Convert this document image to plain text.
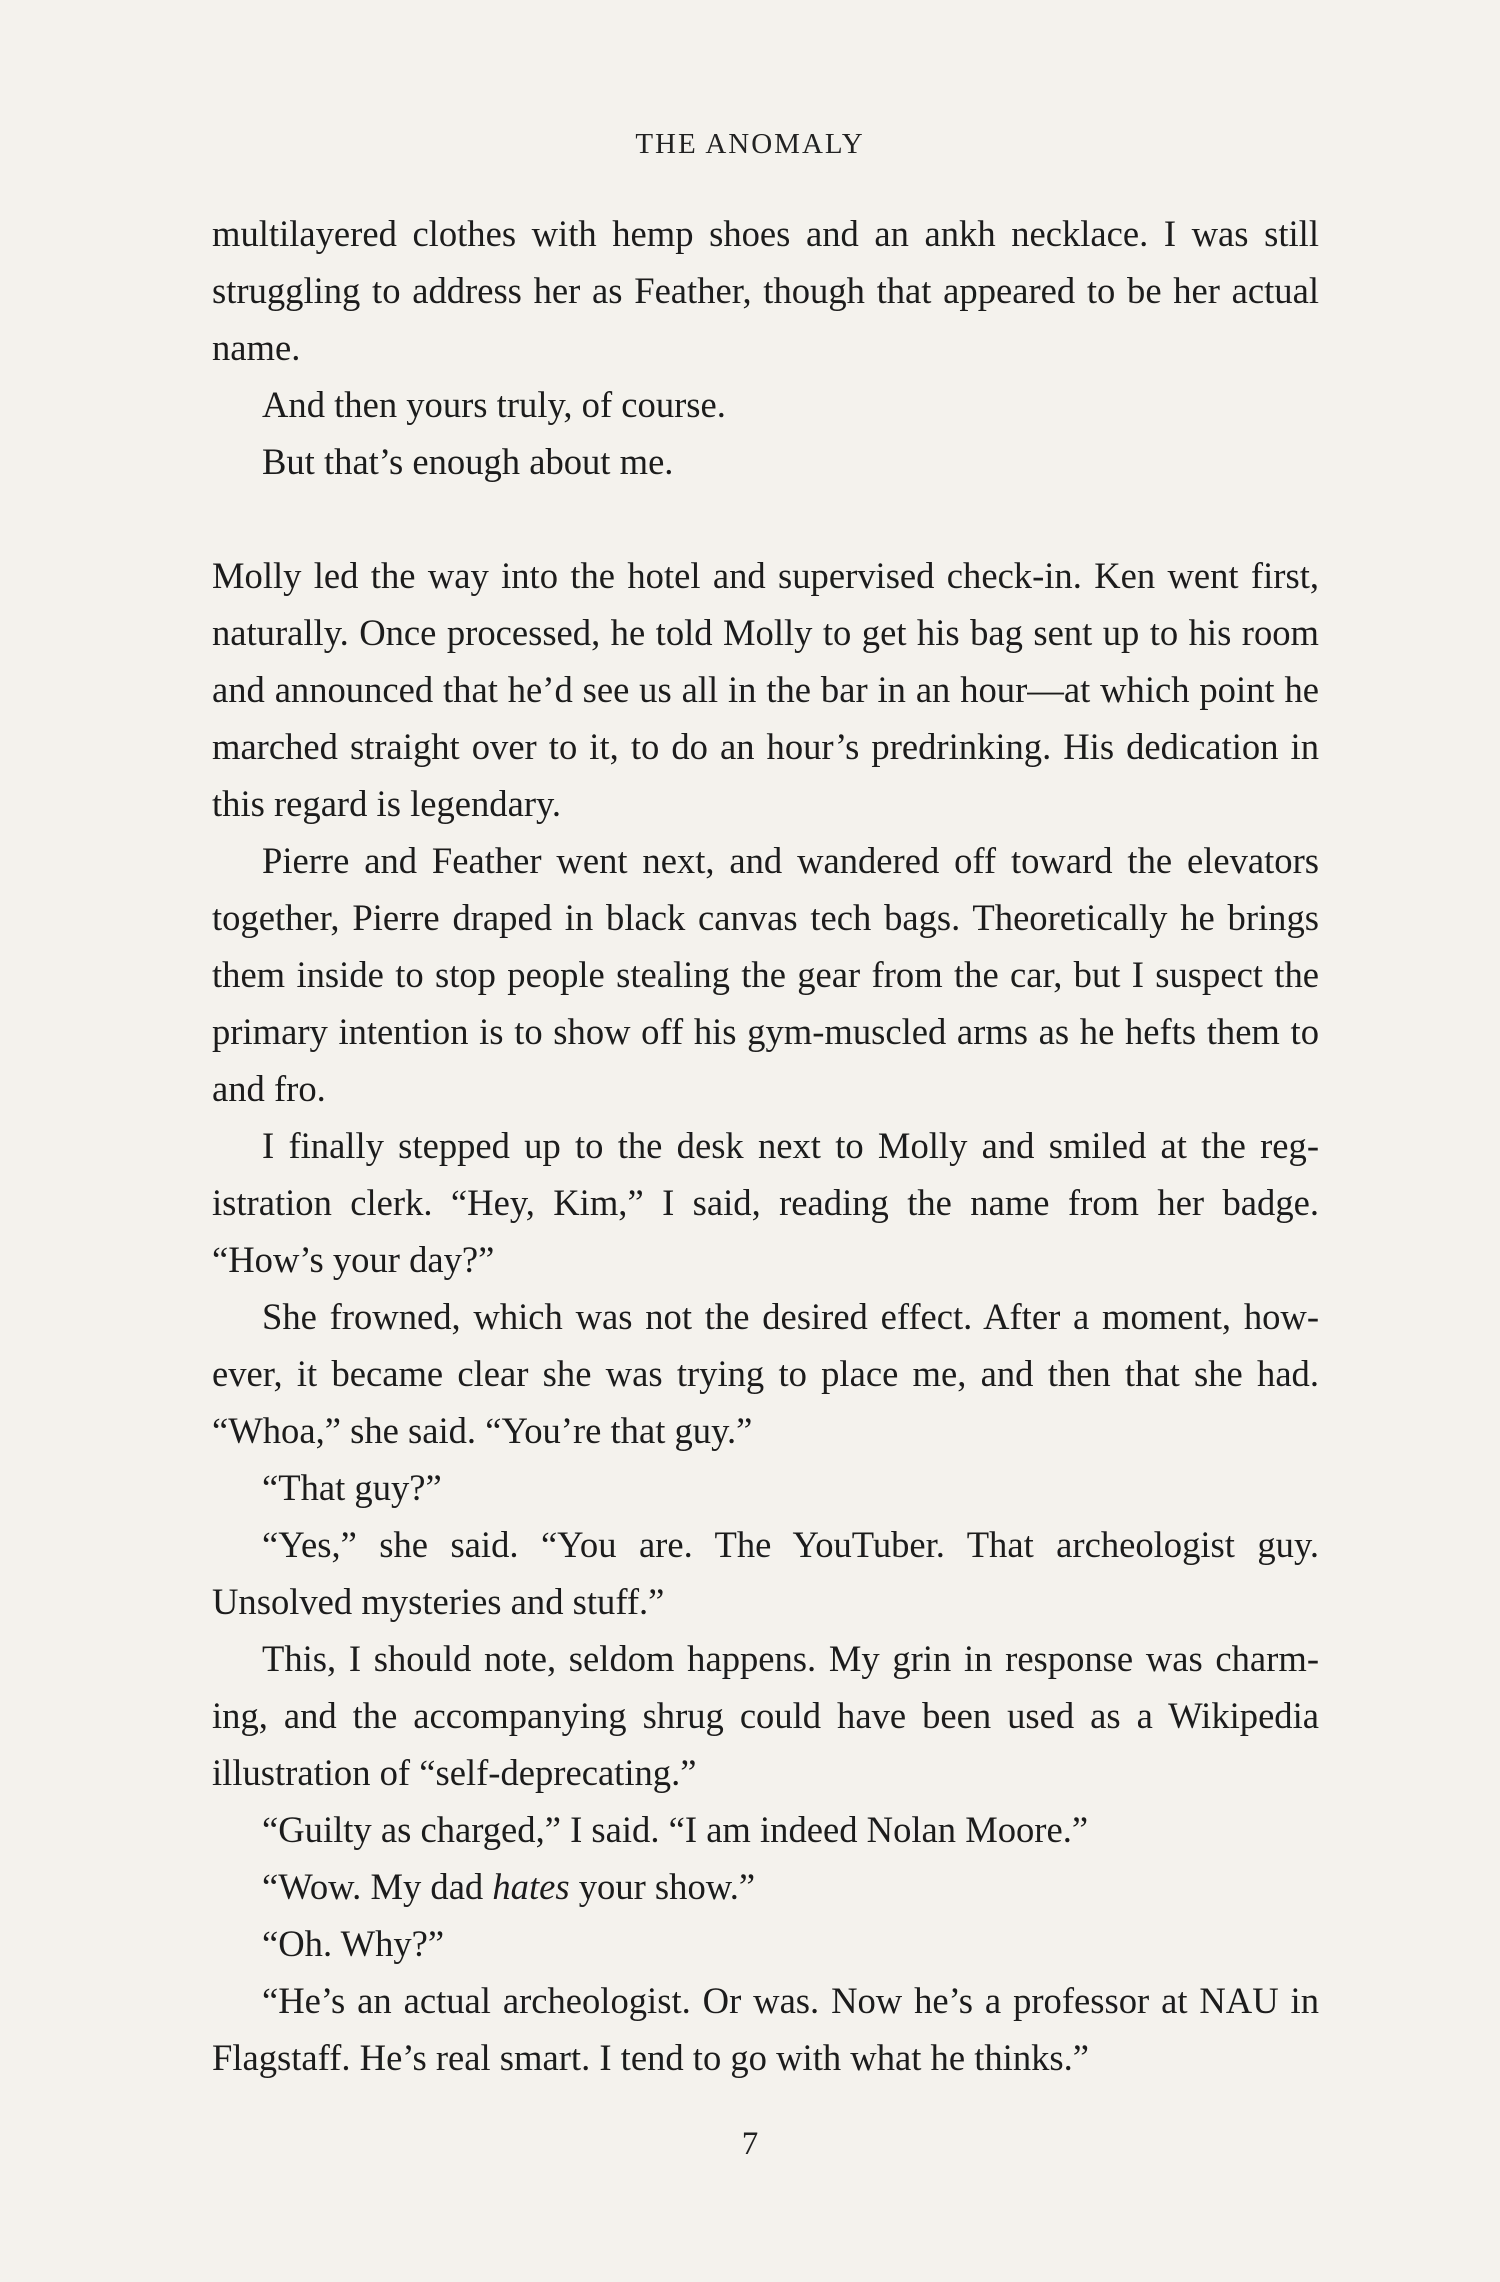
THE ANOMALY

multilayered clothes with hemp shoes and an ankh necklace. I was still struggling to address her as Feather, though that appeared to be her actual name.

And then yours truly, of course.

But that’s enough about me.

Molly led the way into the hotel and supervised check-in. Ken went first, naturally. Once processed, he told Molly to get his bag sent up to his room and announced that he’d see us all in the bar in an hour—at which point he marched straight over to it, to do an hour’s predrinking. His dedication in this regard is legendary.

Pierre and Feather went next, and wandered off toward the elevators together, Pierre draped in black canvas tech bags. Theoretically he brings them inside to stop people stealing the gear from the car, but I suspect the primary intention is to show off his gym-muscled arms as he hefts them to and fro.

I finally stepped up to the desk next to Molly and smiled at the registration clerk. “Hey, Kim,” I said, reading the name from her badge. “How’s your day?”

She frowned, which was not the desired effect. After a moment, however, it became clear she was trying to place me, and then that she had. “Whoa,” she said. “You’re that guy.”

“That guy?”

“Yes,” she said. “You are. The YouTuber. That archeologist guy. Unsolved mysteries and stuff.”

This, I should note, seldom happens. My grin in response was charming, and the accompanying shrug could have been used as a Wikipedia illustration of “self-deprecating.”

“Guilty as charged,” I said. “I am indeed Nolan Moore.”

“Wow. My dad hates your show.”

“Oh. Why?”

“He’s an actual archeologist. Or was. Now he’s a professor at NAU in Flagstaff. He’s real smart. I tend to go with what he thinks.”

7
